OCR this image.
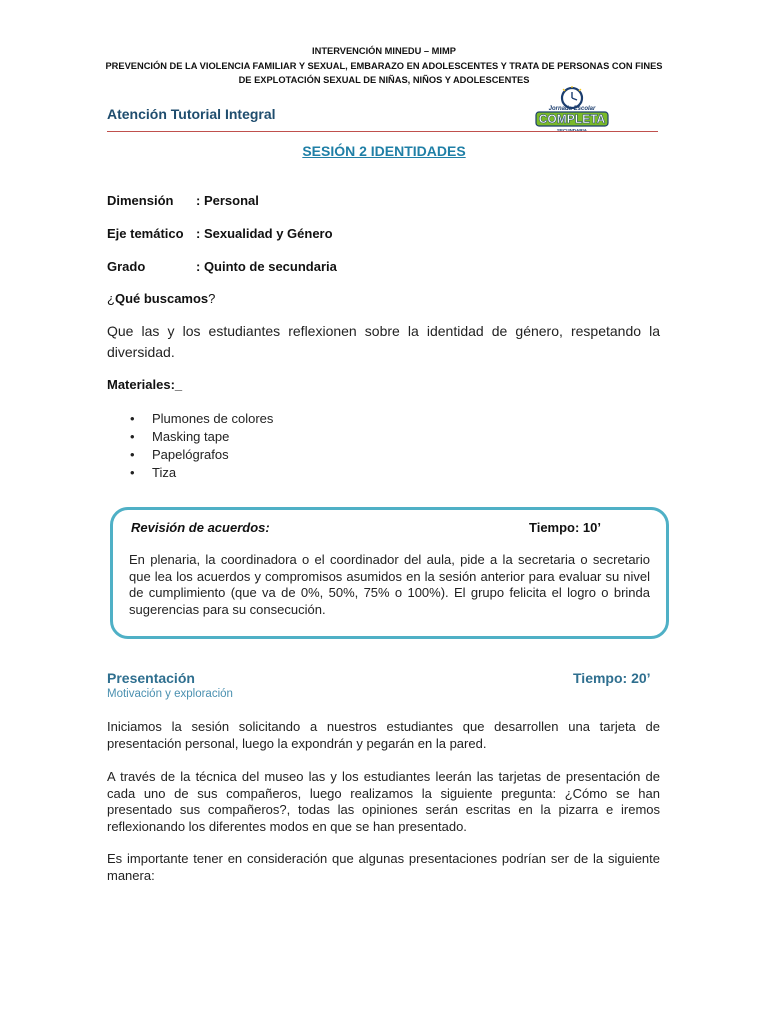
INTERVENCIÓN MINEDU – MIMP
PREVENCIÓN DE LA VIOLENCIA FAMILIAR Y SEXUAL, EMBARAZO EN ADOLESCENTES Y TRATA DE PERSONAS CON FINES
DE EXPLOTACIÓN SEXUAL DE NIÑAS, NIÑOS Y ADOLESCENTES
Atención Tutorial Integral	Jornada Escolar
COMPLETA
SESIÓN 2 IDENTIDADES
Dimensión : Personal
Eje temático : Sexualidad y Género
Grado	: Quinto de secundaria
¿Qué buscamos?
Que las y los estudiantes reflexionen sobre la identidad de género, respetando la diversidad.
Materiales:_
• Plumones de colores
• Masking tape
• Papelógrafos
• Tiza
Revisión de acuerdos:	Tiempo: 10’
En plenaria, la coordinadora o el coordinador del aula, pide a la secretaria o secretario que lea los acuerdos y compromisos asumidos en la sesión anterior para evaluar su nivel de cumplimiento (que va de 0%, 50%, 75% o 100%). El grupo felicita el logro o brinda sugerencias para su consecución.
Presentación	Tiempo: 20’
Motivación y exploración
Iniciamos la sesión solicitando a nuestros estudiantes que desarrollen una tarjeta de presentación personal, luego la expondrán y pegarán en la pared.
A través de la técnica del museo las y los estudiantes leerán las tarjetas de presentación de cada uno de sus compañeros, luego realizamos la siguiente pregunta: ¿Cómo se han presentado sus compañeros?, todas las opiniones serán escritas en la pizarra e iremos reflexionando los diferentes modos en que se han presentado.
Es importante tener en consideración que algunas presentaciones podrían ser de la siguiente manera:
